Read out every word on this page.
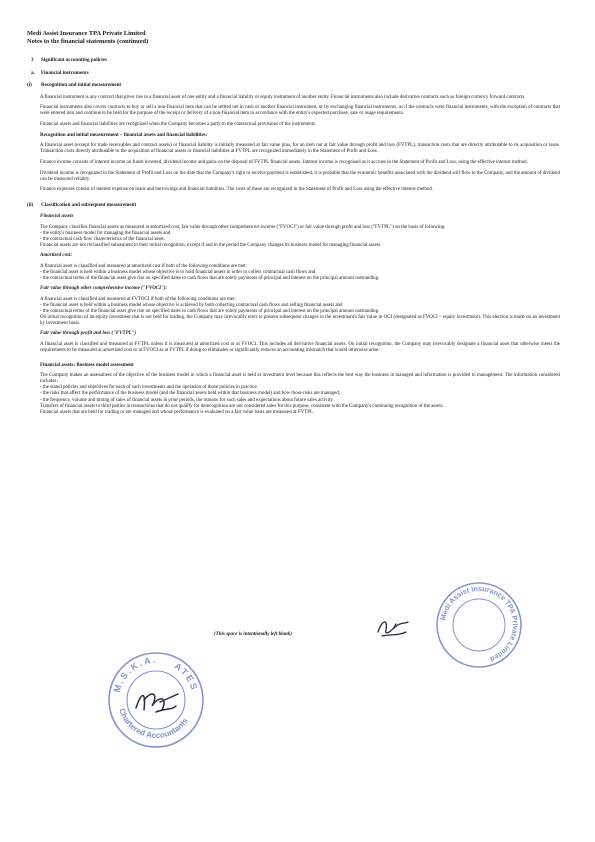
Medi Assist Insurance TPA Private Limited
Notes to the financial statements (continued)
3	Significant accounting policies
a.	Financial instruments
(i)	Recognition and initial measurement

A financial instrument is any contract that gives rise to a financial asset of one entity and a financial liability or equity instrument of another entity. Financial instruments also include derivative contracts such as foreign currency forward contracts.

Financial instruments also covers contracts to buy or sell a non-financial item that can be settled net in cash or another financial instrument, or by exchanging financial instruments, as if the contracts were financial instruments, with the exception of contracts that were entered into and continue to be held for the purpose of the receipt or delivery of a non-financial item in accordance with the entity's expected purchase, sale or usage requirements.

Financial assets and financial liabilities are recognized when the Company becomes a party to the contractual provisions of the instruments.

Recognition and initial measurement – financial assets and financial liabilities:

A financial asset (except for trade receivables and contract assets) or financial liability is initially measured at fair value plus, for an item not at fair value through profit and loss (FVTPL), transaction costs that are directly attributable to its acquisition or issue. Transaction costs directly attributable to the acquisition of financial assets or financial liabilities at FVTPL are recognized immediately in the Statement of Profit and Loss.

Finance income consists of interest income on funds invested, dividend income and gains on the disposal of FVTPL financial assets. Interest income is recognised as it accrues in the Statement of Profit and Loss, using the effective interest method.

Dividend income is recognized in the Statement of Profit and Loss on the date that the Company's right to receive payment is established, it is probable that the economic benefits associated with the dividend will flow to the Company, and the amount of dividend can be measured reliably.

Finance expenses consist of interest expense on loans and borrowings and financial liabilities. The costs of these are recognized in the Statement of Profit and Loss using the effective interest method.

(ii)	Classification and subsequent measurement
Financial assets

The Company classifies financial assets as measured at amortized cost, fair value through other comprehensive income ("FVOCI") or fair value through profit and loss ("FVTPL") on the basis of following:

- the entity's business model for managing the financial assets and

- the contractual cash flow charecteristics of the financial asset.

Financial assets are not reclassified subsequent to their initial recognition, except if and in the period the Company changes its business model for managing financial assets.

Amortized cost:

A financial asset is classified and measured at amortized cost if both of the following conditions are met:

- the financial asset is held within a business model whose objective is to hold financial assets in order to collect contractual cash flows and

- the contractual terms of the financial asset give rise on specified dates to cash flows that are solely payments of principal and interest on the principal amount outstanding.

Fair value through other comprehensive income ("FVOCI"):

A financial asset is classified and measured at FVTOCI if both of the following conditions are met:

- the financial asset is held within a business model whose objective is achieved by both collecting contractual cash flows and selling financial assets and

- the contractual terms of the financial asset give rise on specified dates to cash flows that are solely payments of principal and interest on the principal amount outstanding.

On initial recognition of an equity investment that is not held for trading, the Company may irrevocably elect to present subsequent changes in the investment's fair value in OCI (designated as FVOCI – equity investment). This election is made on an investment by investment basis.

Fair value through profit and loss ("FVTPL")

A financial asset is classified and measured at FVTPL unless it is measured at amortized cost or at FVOCI. This includes all derivative financial assets. On initial recognition, the Company may irrevocably designate a financial asset that otherwise meets the requirements to be measured at amortized cost or at FVOCI as at FVTPL if doing so eliminates or significantly reduces an accounting mismatch that would otherwise arise.

Financial assets: Business model assessment

The Company makes an assessment of the objective of the business model in which a financial asset is held at investment level because this reflects the best way the business in managed and information is provided to management. The information considered includes:

- the stated policies and objectives for each of such investments and the operation of those policies in practice.

- the risks that affect the performance of the business model (and the financial assets held within that business model) and how those risks are managed;

- the frequency, volume and timing of sales of financial assets in prior periods, the reasons for such sales and expectations about future sales activity.

Transfers of financial assets to third parties in transactions that do not qualify for derecognition are not considered sales for this purpose, consistent with the Company's continuing recognition of the assets.

Financial assets that are held for trading or are managed and whose performance is evaluated on a fair value basis are measured at FVTPL.

(This space is intentionally left blank)
M.S.K.A.
ATES
Chartered Accountants
Medi Assist Insurance TPA Private Limited
